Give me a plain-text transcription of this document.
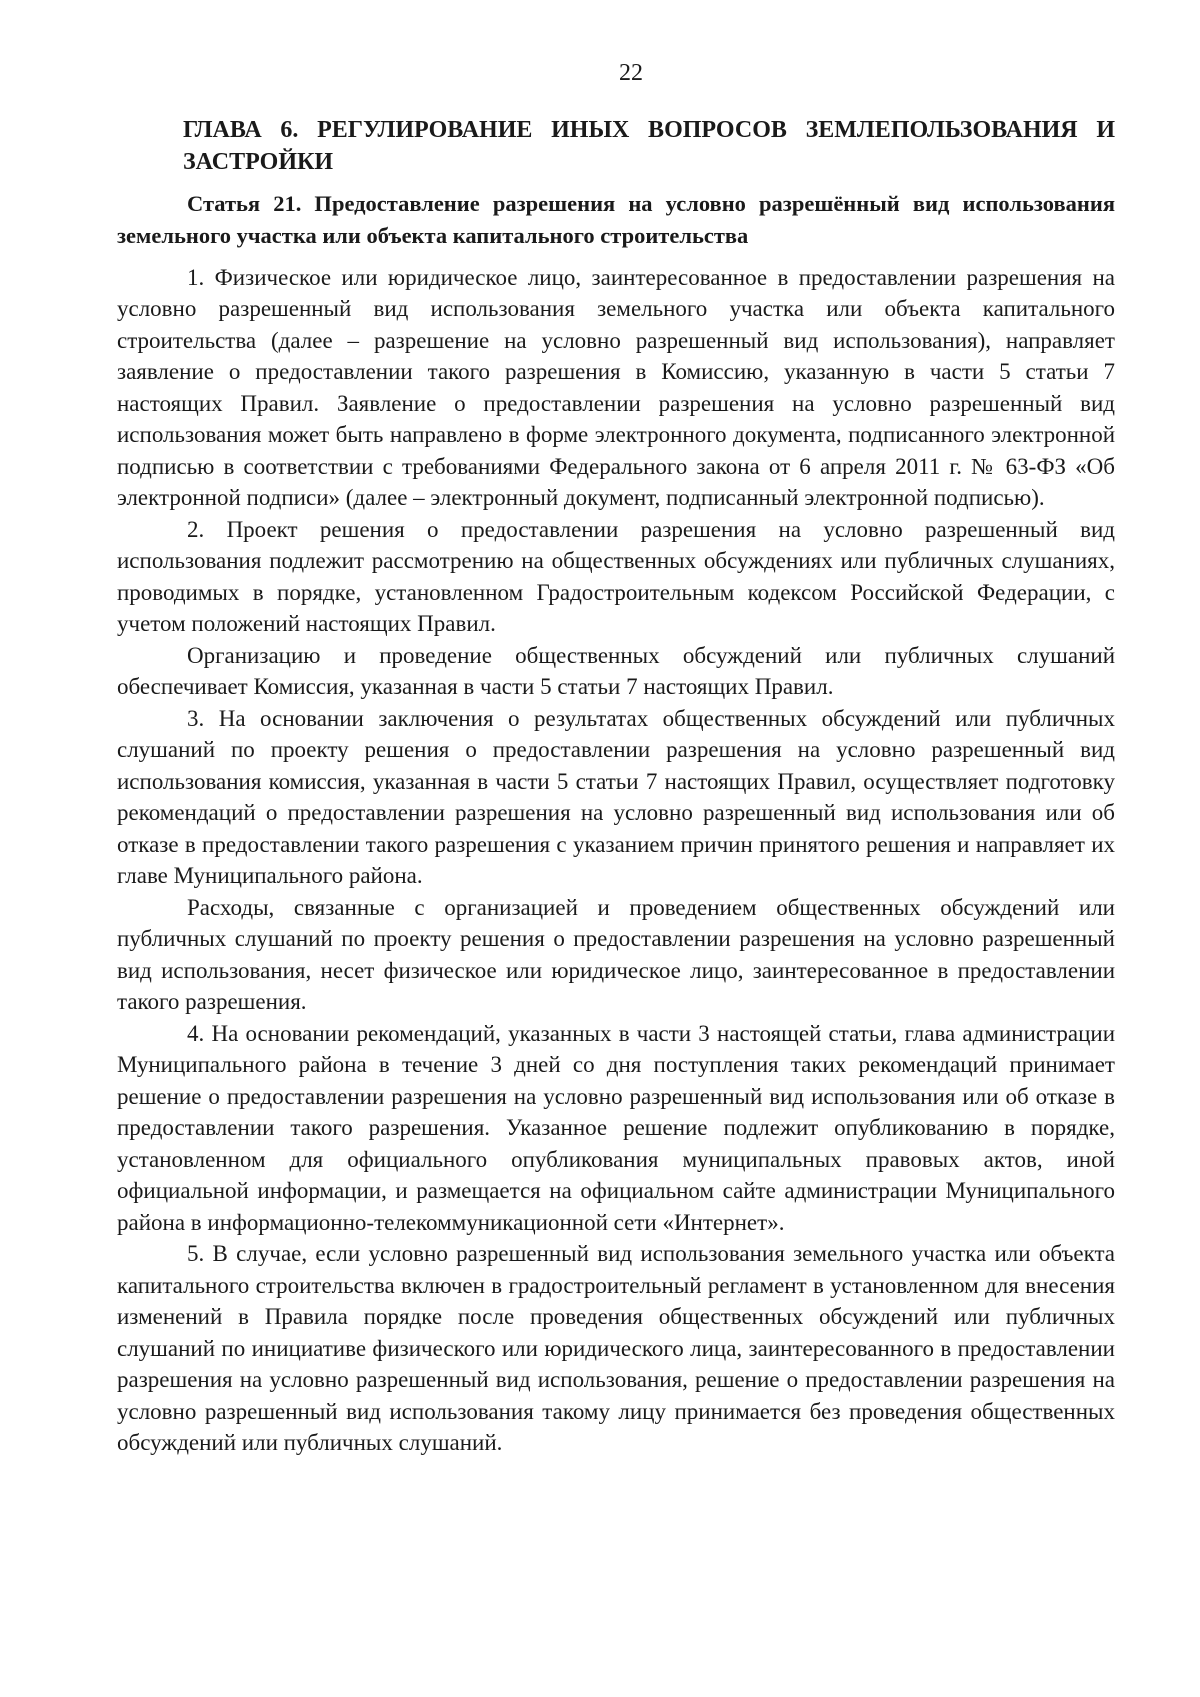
22
ГЛАВА 6. РЕГУЛИРОВАНИЕ ИНЫХ ВОПРОСОВ ЗЕМЛЕПОЛЬЗОВАНИЯ И ЗАСТРОЙКИ
Статья 21. Предоставление разрешения на условно разрешённый вид использования земельного участка или объекта капитального строительства

1. Физическое или юридическое лицо, заинтересованное в предоставлении разрешения на условно разрешенный вид использования земельного участка или объекта капитального строительства (далее – разрешение на условно разрешенный вид использования), направляет заявление о предоставлении такого разрешения в Комиссию, указанную в части 5 статьи 7 настоящих Правил. Заявление о предоставлении разрешения на условно разрешенный вид использования может быть направлено в форме электронного документа, подписанного электронной подписью в соответствии с требованиями Федерального закона от 6 апреля 2011 г. № 63-ФЗ «Об электронной подписи» (далее – электронный документ, подписанный электронной подписью).

2. Проект решения о предоставлении разрешения на условно разрешенный вид использования подлежит рассмотрению на общественных обсуждениях или публичных слушаниях, проводимых в порядке, установленном Градостроительным кодексом Российской Федерации, с учетом положений настоящих Правил.

Организацию и проведение общественных обсуждений или публичных слушаний обеспечивает Комиссия, указанная в части 5 статьи 7 настоящих Правил.

3. На основании заключения о результатах общественных обсуждений или публичных слушаний по проекту решения о предоставлении разрешения на условно разрешенный вид использования комиссия, указанная в части 5 статьи 7 настоящих Правил, осуществляет подготовку рекомендаций о предоставлении разрешения на условно разрешенный вид использования или об отказе в предоставлении такого разрешения с указанием причин принятого решения и направляет их главе Муниципального района.

Расходы, связанные с организацией и проведением общественных обсуждений или публичных слушаний по проекту решения о предоставлении разрешения на условно разрешенный вид использования, несет физическое или юридическое лицо, заинтересованное в предоставлении такого разрешения.

4. На основании рекомендаций, указанных в части 3 настоящей статьи, глава администрации Муниципального района в течение 3 дней со дня поступления таких рекомендаций принимает решение о предоставлении разрешения на условно разрешенный вид использования или об отказе в предоставлении такого разрешения. Указанное решение подлежит опубликованию в порядке, установленном для официального опубликования муниципальных правовых актов, иной официальной информации, и размещается на официальном сайте администрации Муниципального района в информационно-телекоммуникационной сети «Интернет».

5. В случае, если условно разрешенный вид использования земельного участка или объекта капитального строительства включен в градостроительный регламент в установленном для внесения изменений в Правила порядке после проведения общественных обсуждений или публичных слушаний по инициативе физического или юридического лица, заинтересованного в предоставлении разрешения на условно разрешенный вид использования, решение о предоставлении разрешения на условно разрешенный вид использования такому лицу принимается без проведения общественных обсуждений или публичных слушаний.
